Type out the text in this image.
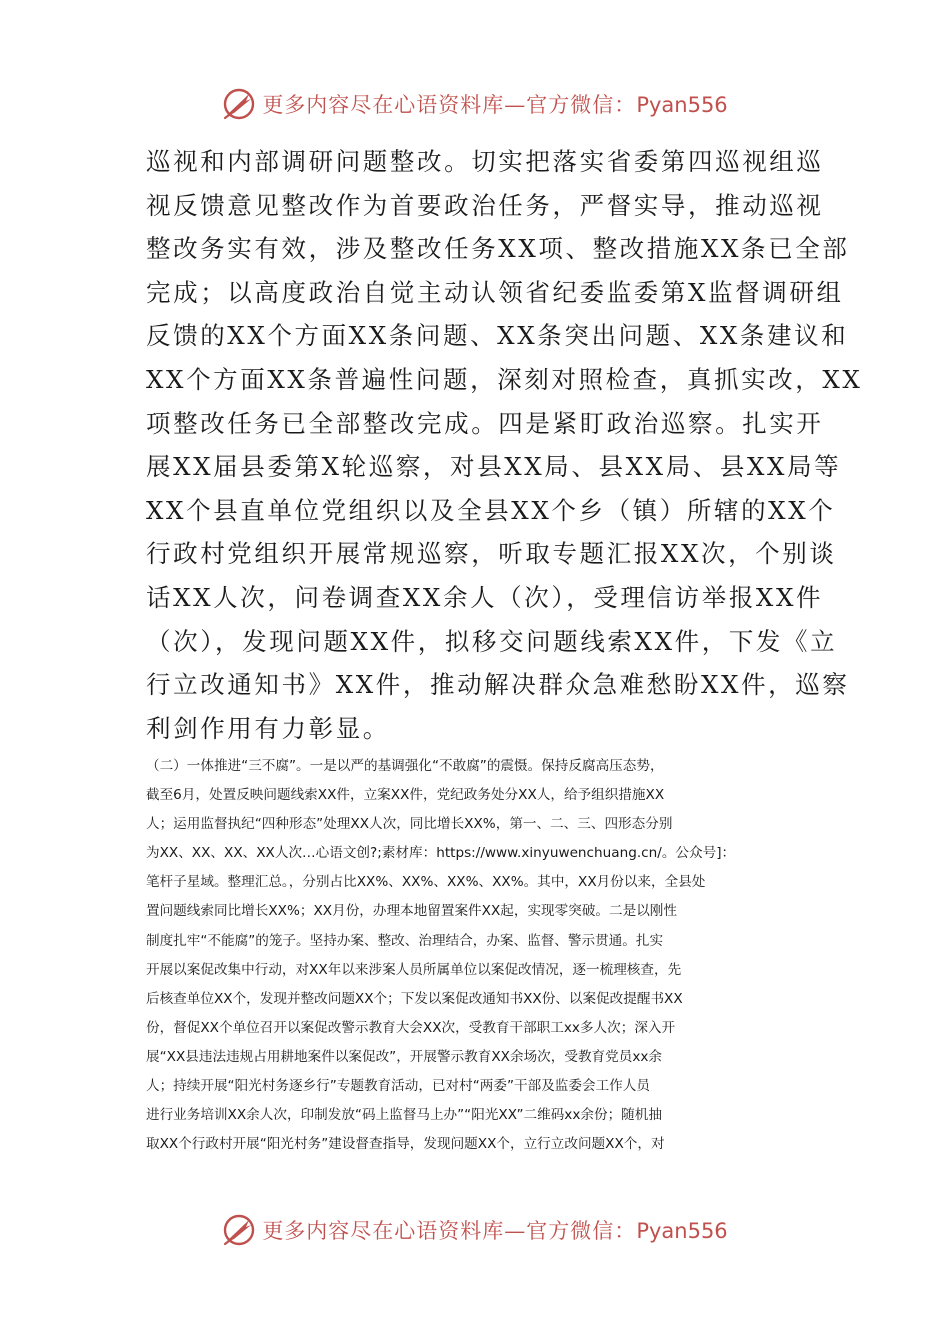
更多内容尽在心语资料库—官方微信：Pyan556
巡视和内部调研问题整改。切实把落实省委第四巡视组巡
视反馈意见整改作为首要政治任务，严督实导，推动巡视
整改务实有效，涉及整改任务XX项、整改措施XX条已全部
完成；以高度政治自觉主动认领省纪委监委第X监督调研组
反馈的XX个方面XX条问题、XX条突出问题、XX条建议和
XX个方面XX条普遍性问题，深刻对照检查，真抓实改，XX
项整改任务已全部整改完成。四是紧盯政治巡察。扎实开
展XX届县委第X轮巡察，对县XX局、县XX局、县XX局等
XX个县直单位党组织以及全县XX个乡（镇）所辖的XX个
行政村党组织开展常规巡察，听取专题汇报XX次，个别谈
话XX人次，问卷调查XX余人（次），受理信访举报XX件
（次），发现问题XX件，拟移交问题线索XX件，下发《立
行立改通知书》XX件，推动解决群众急难愁盼XX件，巡察
利剑作用有力彰显。
（二）一体推进“三不腐”。一是以严的基调强化“不敢腐”的震慑。保持反腐高压态势，
截至6月，处置反映问题线索XX件，立案XX件，党纪政务处分XX人，给予组织措施XX
人；运用监督执纪“四种形态”处理XX人次，同比增长XX%，第一、二、三、四形态分别
为XX、XX、XX、XX人次…心语文创?;素材库：https://www.xinyuwenchuang.cn/。公众号]：
笔杆子星域。整理汇总。，分别占比XX%、XX%、XX%、XX%。其中，XX月份以来，全县处
置问题线索同比增长XX%；XX月份，办理本地留置案件XX起，实现零突破。二是以刚性
制度扎牢“不能腐”的笼子。坚持办案、整改、治理结合，办案、监督、警示贯通。扎实
开展以案促改集中行动，对XX年以来涉案人员所属单位以案促改情况，逐一梳理核查，先
后核查单位XX个，发现并整改问题XX个；下发以案促改通知书XX份、以案促改提醒书XX
份，督促XX个单位召开以案促改警示教育大会XX次，受教育干部职工xx多人次；深入开
展“XX县违法违规占用耕地案件以案促改”，开展警示教育XX余场次，受教育党员xx余
人；持续开展“阳光村务逐乡行”专题教育活动，已对村“两委”干部及监委会工作人员
进行业务培训XX余人次，印制发放“码上监督马上办”“阳光XX”二维码xx余份；随机抽
取XX个行政村开展“阳光村务”建设督查指导，发现问题XX个，立行立改问题XX个，对
更多内容尽在心语资料库—官方微信：Pyan556
